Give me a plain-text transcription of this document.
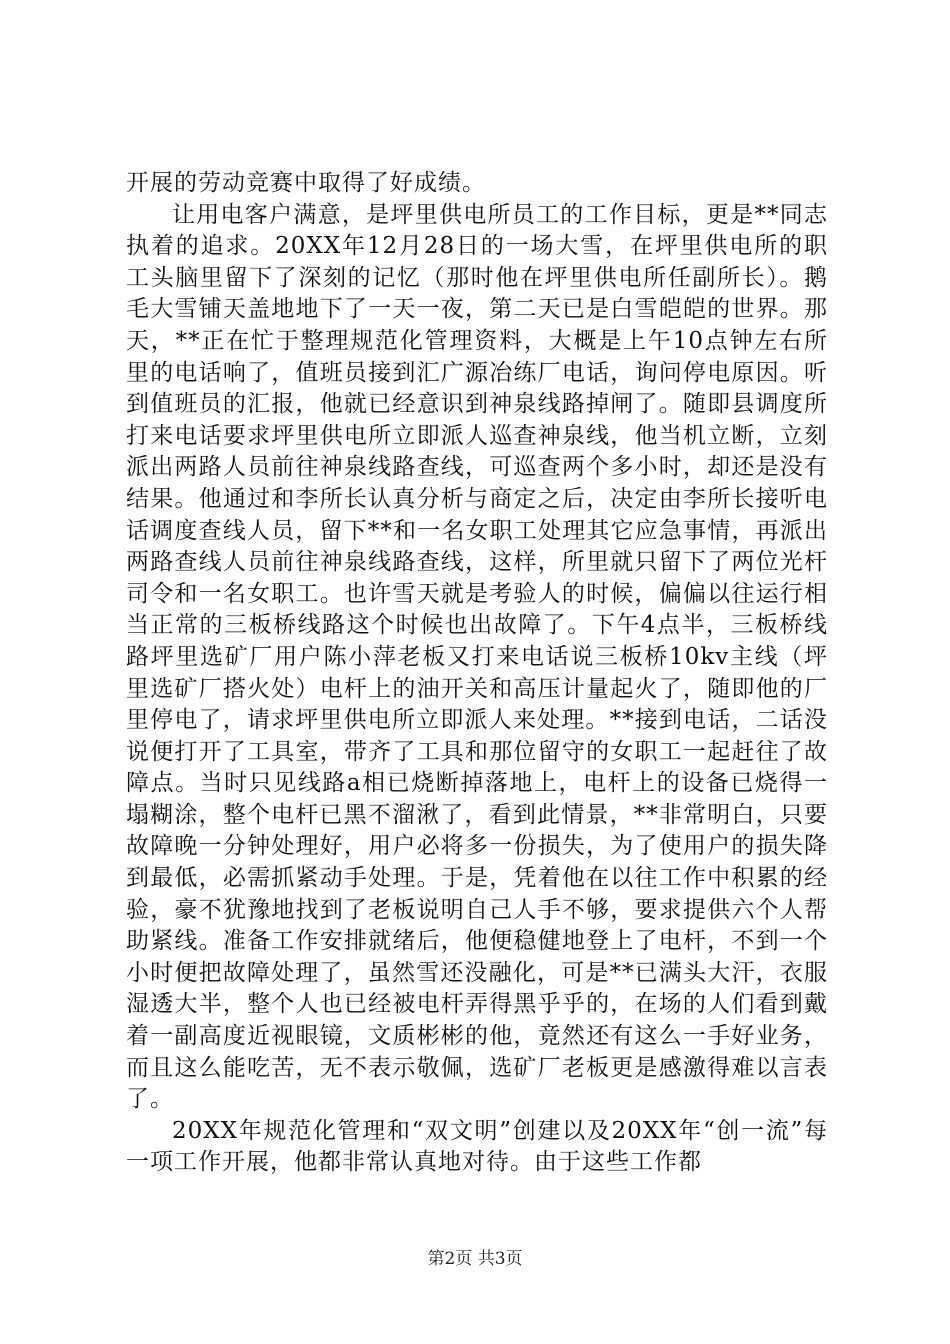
开展的劳动竞赛中取得了好成绩。

让用电客户满意，是坪里供电所员工的工作目标，更是**同志执着的追求。20XX年12月28日的一场大雪，在坪里供电所的职工头脑里留下了深刻的记忆（那时他在坪里供电所任副所长）。鹅毛大雪铺天盖地地下了一天一夜，第二天已是白雪皑皑的世界。那天，**正在忙于整理规范化管理资料，大概是上午10点钟左右所里的电话响了，值班员接到汇广源冶练厂电话，询问停电原因。听到值班员的汇报，他就已经意识到神泉线路掉闸了。随即县调度所打来电话要求坪里供电所立即派人巡查神泉线，他当机立断，立刻派出两路人员前往神泉线路查线，可巡查两个多小时，却还是没有结果。他通过和李所长认真分析与商定之后，决定由李所长接听电话调度查线人员，留下**和一名女职工处理其它应急事情，再派出两路查线人员前往神泉线路查线，这样，所里就只留下了两位光杆司令和一名女职工。也许雪天就是考验人的时候，偏偏以往运行相当正常的三板桥线路这个时候也出故障了。下午4点半，三板桥线路坪里选矿厂用户陈小萍老板又打来电话说三板桥10kv主线（坪里选矿厂搭火处）电杆上的油开关和高压计量起火了，随即他的厂里停电了，请求坪里供电所立即派人来处理。**接到电话，二话没说便打开了工具室，带齐了工具和那位留守的女职工一起赶往了故障点。当时只见线路a相已烧断掉落地上，电杆上的设备已烧得一塌糊涂，整个电杆已黑不溜湫了，看到此情景，**非常明白，只要故障晚一分钟处理好，用户必将多一份损失，为了使用户的损失降到最低，必需抓紧动手处理。于是，凭着他在以往工作中积累的经验，豪不犹豫地找到了老板说明自己人手不够，要求提供六个人帮助紧线。准备工作安排就绪后，他便稳健地登上了电杆，不到一个小时便把故障处理了，虽然雪还没融化，可是**已满头大汗，衣服湿透大半，整个人也已经被电杆弄得黑乎乎的，在场的人们看到戴着一副高度近视眼镜，文质彬彬的他，竟然还有这么一手好业务，而且这么能吃苦，无不表示敬佩，选矿厂老板更是感激得难以言表了。

20XX年规范化管理和“双文明”创建以及20XX年“创一流”每一项工作开展，他都非常认真地对待。由于这些工作都

第2页 共3页
